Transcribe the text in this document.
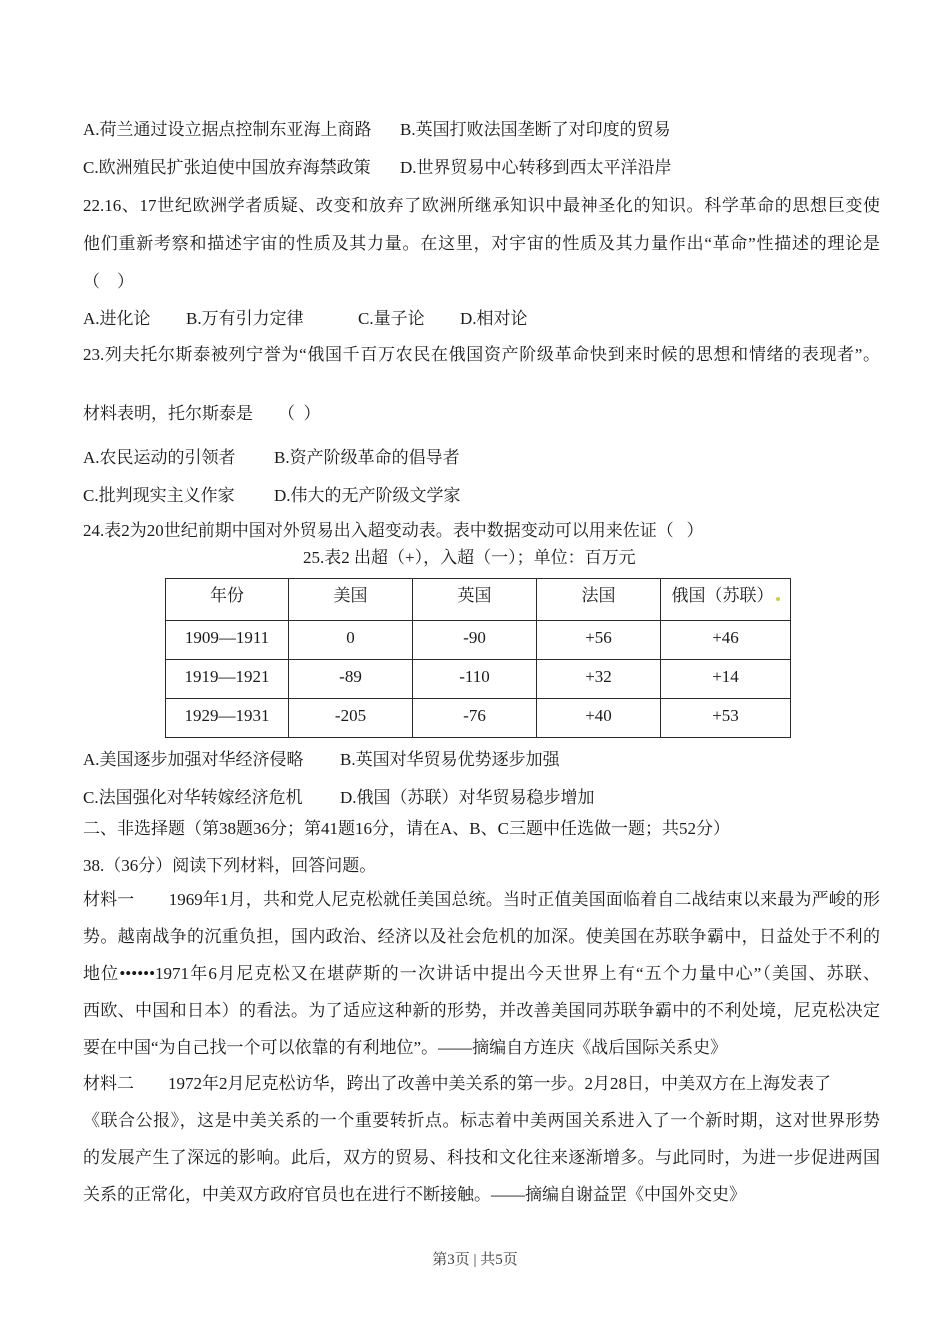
A.荷兰通过设立据点控制东亚海上商路 B.英国打败法国垄断了对印度的贸易
C.欧洲殖民扩张迫使中国放弃海禁政策 D.世界贸易中心转移到西太平洋沿岸
22.16、17世纪欧洲学者质疑、改变和放弃了欧洲所继承知识中最神圣化的知识。科学革命的思想巨变使
他们重新考察和描述宇宙的性质及其力量。在这里，对宇宙的性质及其力量作出“革命”性描述的理论是
（    ）
A.进化论 B.万有引力定律	C.量子论 D.相对论
23.列夫托尔斯泰被列宁誉为“俄国千百万农民在俄国资产阶级革命快到来时候的思想和情绪的表现者”。
材料表明，托尔斯泰是 （  ）
A.农民运动的引领者 B.资产阶级革命的倡导者
C.批判现实主义作家 D.伟大的无产阶级文学家
24.表2为20世纪前期中国对外贸易出入超变动表。表中数据变动可以用来佐证（   ）
25.表2 出超（+），入超（一）；单位：百万元
年份	美国	英国	法国	俄国（苏联）
1909—1911	0	-90	+56	+46
1919—1921	-89	-110	+32	+14
1929—1931	-205	-76	+40	+53
A.美国逐步加强对华经济侵略 B.英国对华贸易优势逐步加强
C.法国强化对华转嫁经济危机 D.俄国（苏联）对华贸易稳步增加
二、非选择题（第38题36分；第41题16分，请在A、B、C三题中任选做一题；共52分）
38.（36分）阅读下列材料，回答问题。
材料一　　1969年1月，共和党人尼克松就任美国总统。当时正值美国面临着自二战结束以来最为严峻的形
势。越南战争的沉重负担，国内政治、经济以及社会危机的加深。使美国在苏联争霸中，日益处于不利的
地位••••••1971年6月尼克松又在堪萨斯的一次讲话中提出今天世界上有“五个力量中心”（美国、苏联、
西欧、中国和日本）的看法。为了适应这种新的形势，并改善美国同苏联争霸中的不利处境，尼克松决定
要在中国“为自己找一个可以依靠的有利地位”。——摘编自方连庆《战后国际关系史》
材料二　　1972年2月尼克松访华，跨出了改善中美关系的第一步。2月28日，中美双方在上海发表了
《联合公报》，这是中美关系的一个重要转折点。标志着中美两国关系进入了一个新时期，这对世界形势
的发展产生了深远的影响。此后，双方的贸易、科技和文化往来逐渐增多。与此同时，为进一步促进两国
关系的正常化，中美双方政府官员也在进行不断接触。——摘编自谢益罡《中国外交史》
第3页 | 共5页
